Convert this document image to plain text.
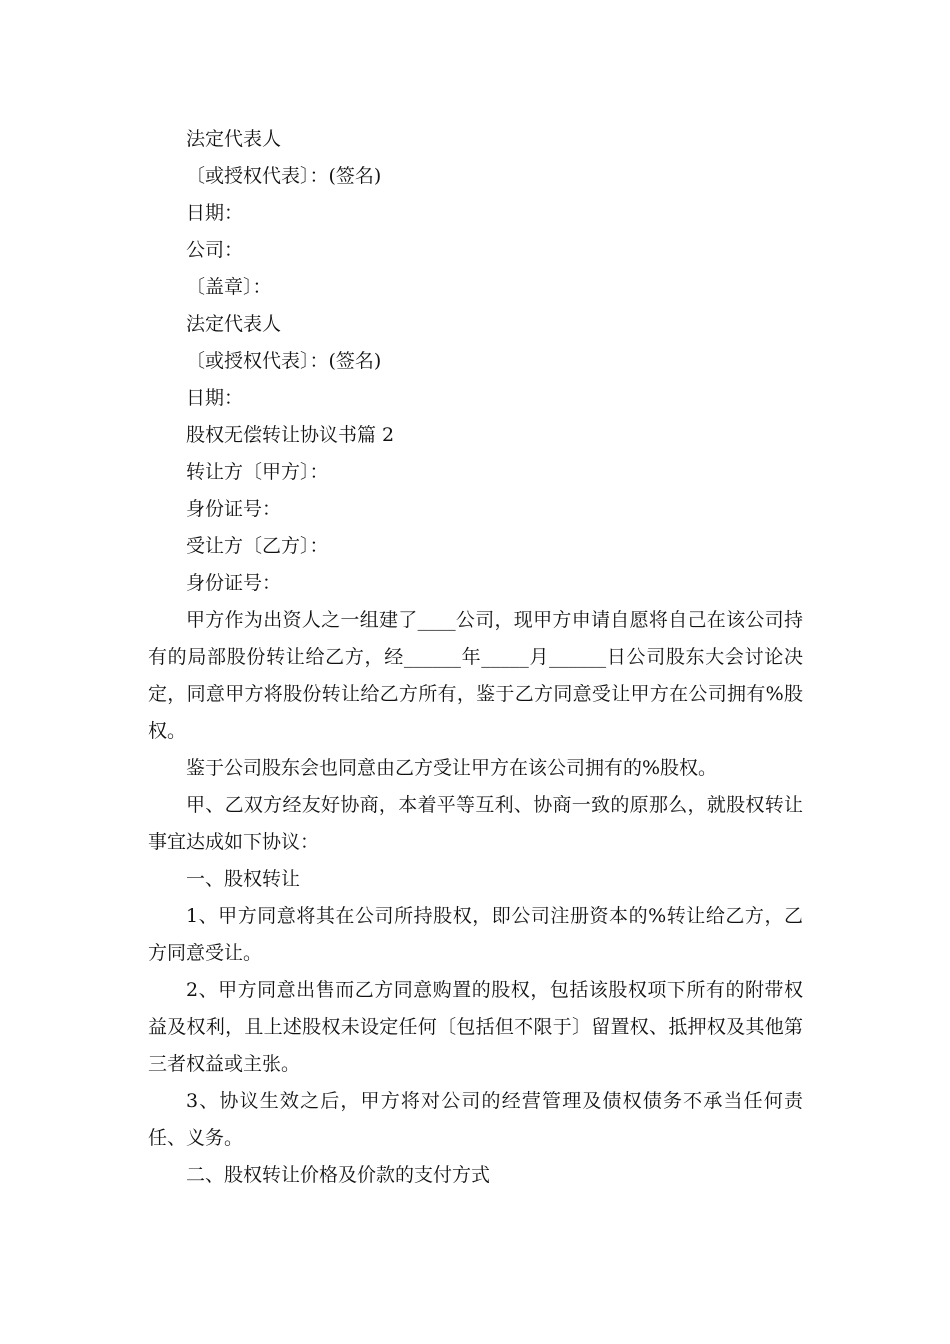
法定代表人

〔或授权代表〕：(签名)

日期：

公司：

〔盖章〕：

法定代表人

〔或授权代表〕：(签名)

日期：

股权无偿转让协议书篇 2

转让方〔甲方〕：

身份证号：

受让方〔乙方〕：

身份证号：

甲方作为出资人之一组建了____公司，现甲方申请自愿将自己在该公司持有的局部股份转让给乙方，经______年_____月______日公司股东大会讨论决定，同意甲方将股份转让给乙方所有，鉴于乙方同意受让甲方在公司拥有%股权。

鉴于公司股东会也同意由乙方受让甲方在该公司拥有的%股权。

甲、乙双方经友好协商，本着平等互利、协商一致的原那么，就股权转让事宜达成如下协议：

一、股权转让

1、甲方同意将其在公司所持股权，即公司注册资本的%转让给乙方，乙方同意受让。

2、甲方同意出售而乙方同意购置的股权，包括该股权项下所有的附带权益及权利，且上述股权未设定任何〔包括但不限于〕留置权、抵押权及其他第三者权益或主张。

3、协议生效之后，甲方将对公司的经营管理及债权债务不承当任何责任、义务。

二、股权转让价格及价款的支付方式
